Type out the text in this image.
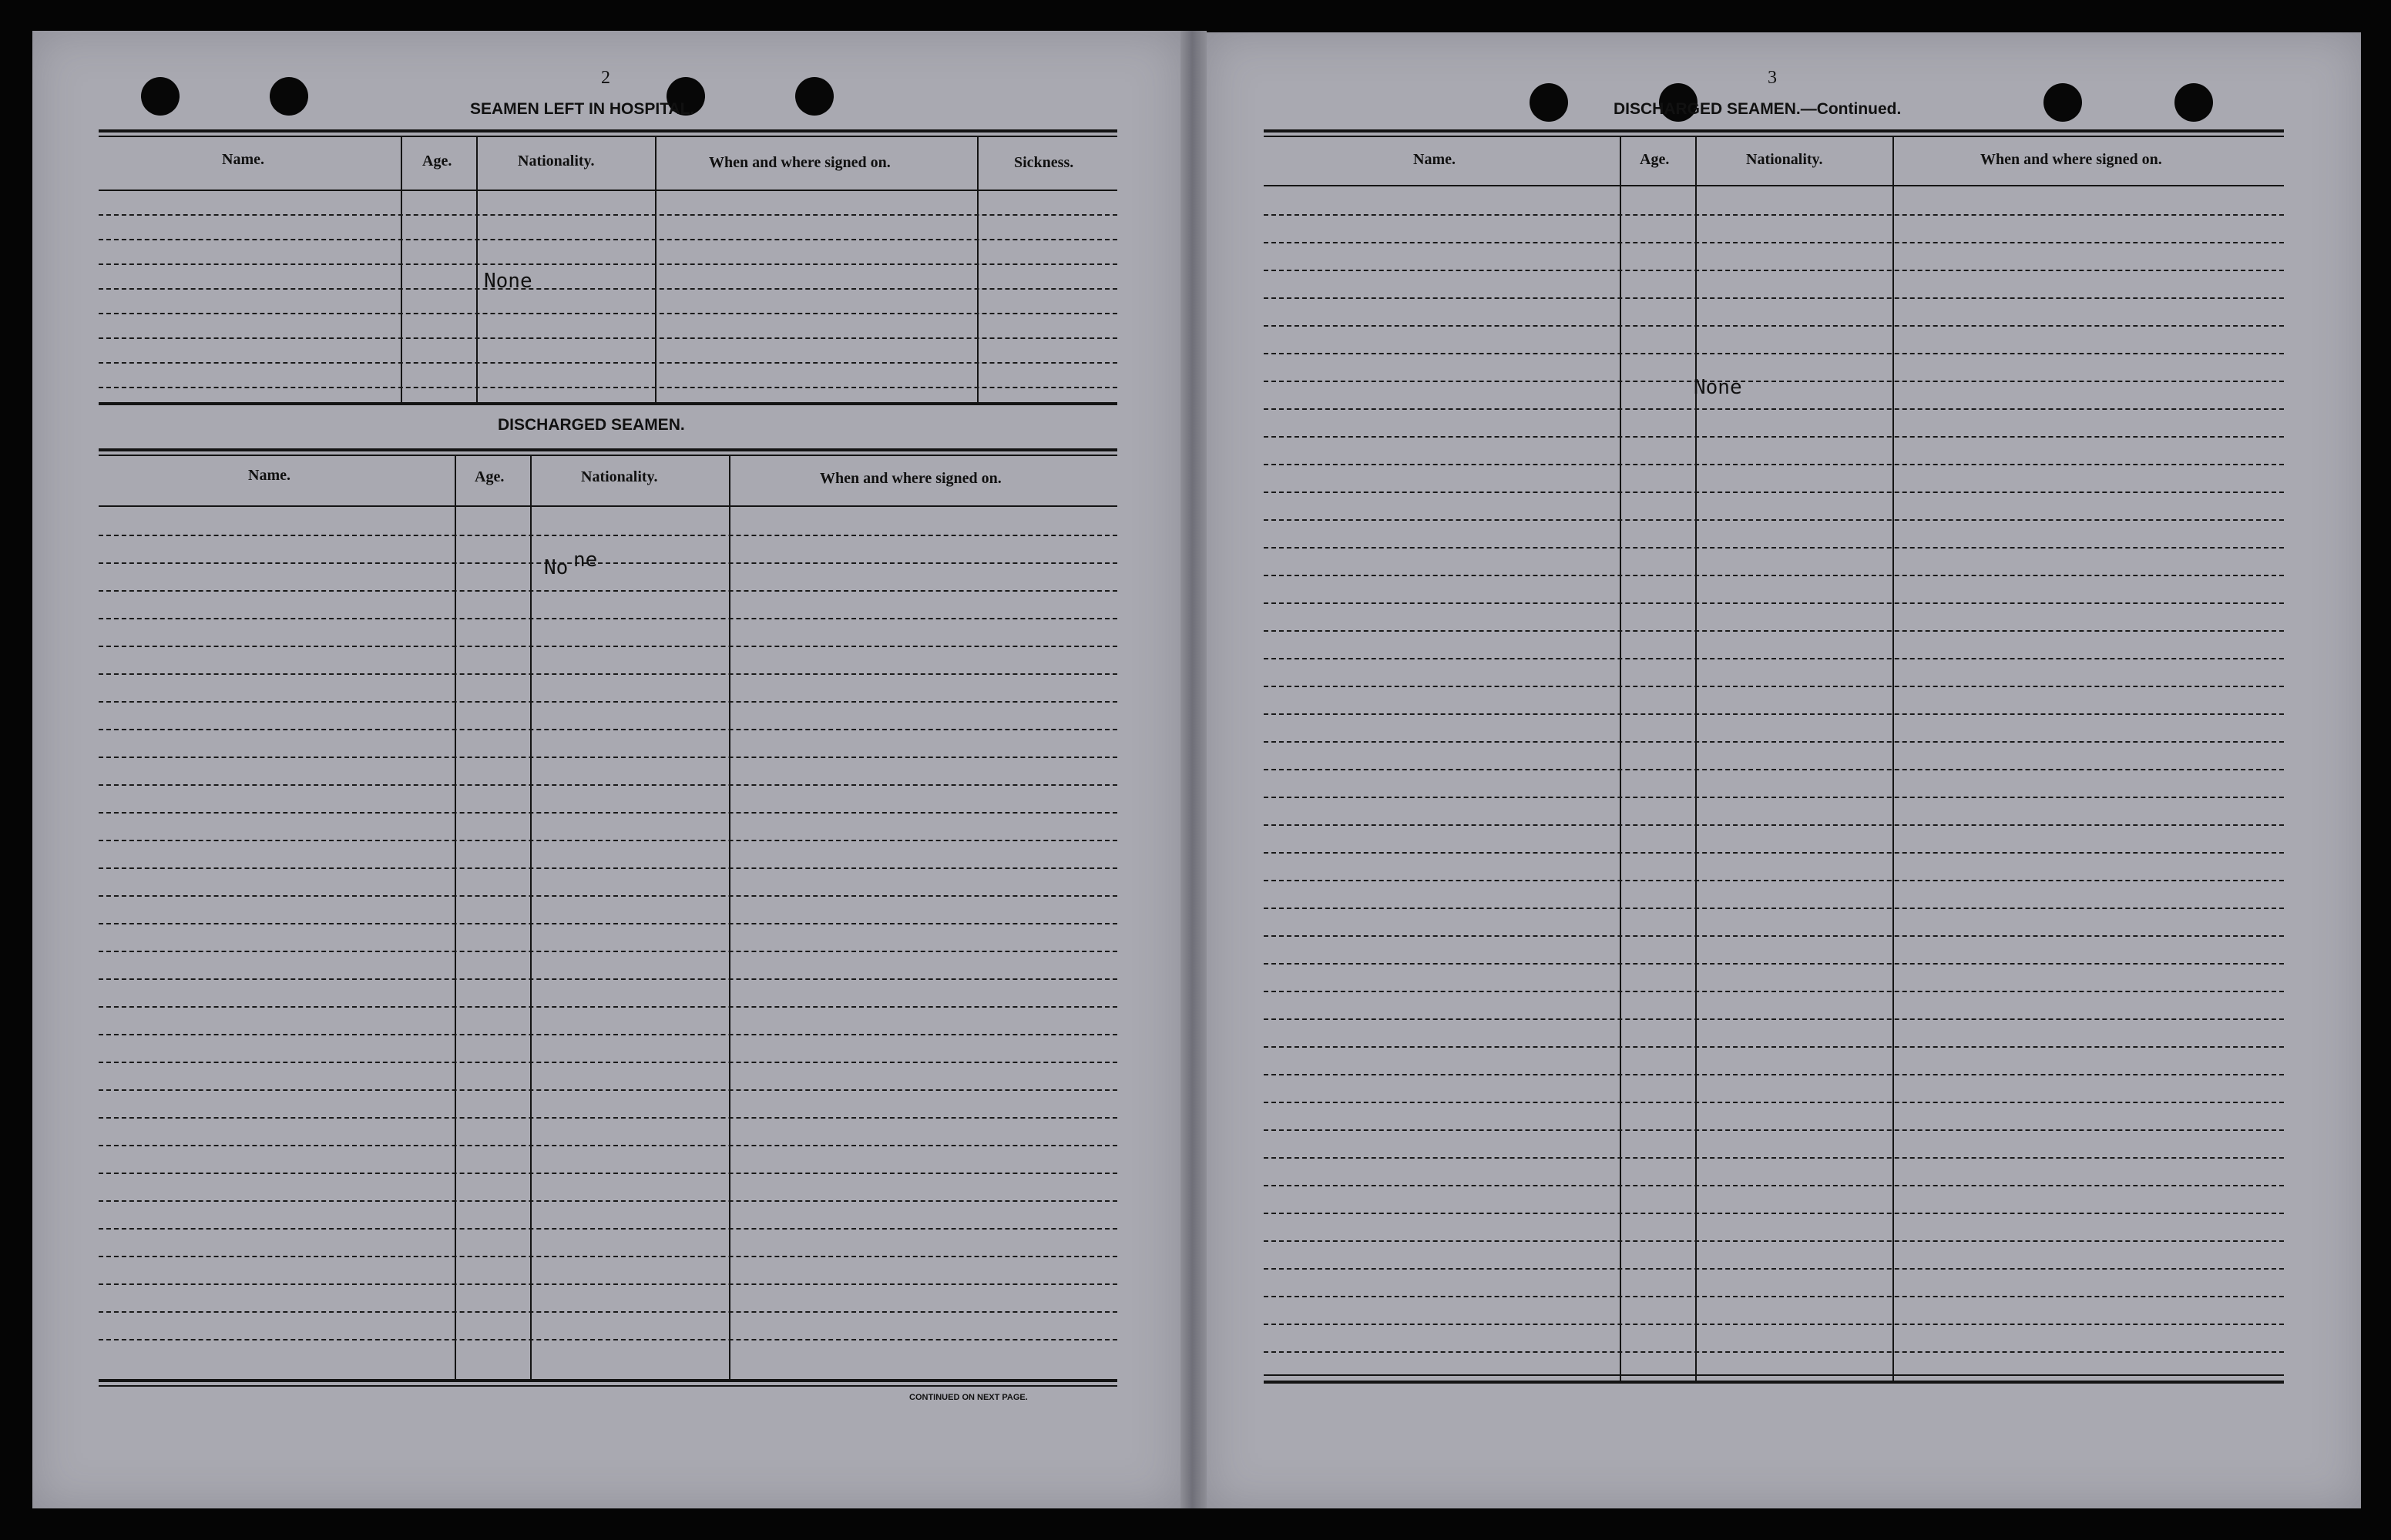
2
SEAMEN LEFT IN HOSPITAL.
Name.	Age.	Nationality.	When and where signed on.	Sickness.
None
DISCHARGED SEAMEN.
Name.	Age.	Nationality.	When and where signed on.
No ne
CONTINUED ON NEXT PAGE.
3
DISCHARGED SEAMEN.—Continued.
Name.	Age.	Nationality.	When and where signed on.
None
